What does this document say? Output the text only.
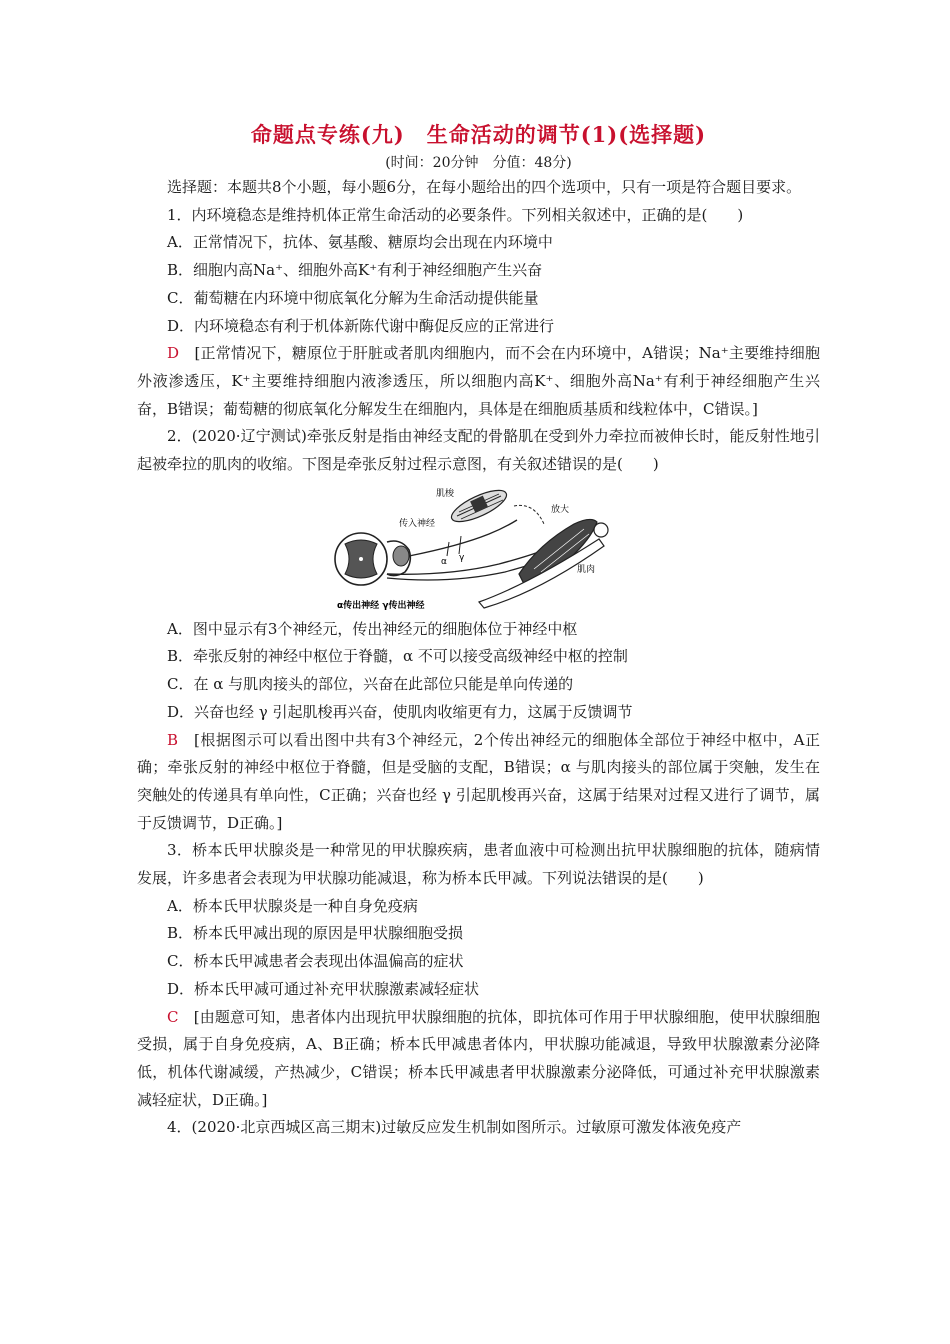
命题点专练(九)　生命活动的调节(1)(选择题)
(时间：20分钟　分值：48分)

选择题：本题共8个小题，每小题6分，在每小题给出的四个选项中，只有一项是符合题目要求。

1．内环境稳态是维持机体正常生命活动的必要条件。下列相关叙述中，正确的是(　　)

A．正常情况下，抗体、氨基酸、糖原均会出现在内环境中

B．细胞内高Na⁺、细胞外高K⁺有利于神经细胞产生兴奋

C．葡萄糖在内环境中彻底氧化分解为生命活动提供能量

D．内环境稳态有利于机体新陈代谢中酶促反应的正常进行

D　 [正常情况下，糖原位于肝脏或者肌肉细胞内，而不会在内环境中，A错误；Na⁺主要维持细胞外液渗透压，K⁺主要维持细胞内液渗透压，所以细胞内高K⁺、细胞外高Na⁺有利于神经细胞产生兴奋，B错误；葡萄糖的彻底氧化分解发生在细胞内，具体是在细胞质基质和线粒体中，C错误。]

2．(2020·辽宁测试)牵张反射是指由神经支配的骨骼肌在受到外力牵拉而被伸长时，能反射性地引起被牵拉的肌肉的收缩。下图是牵张反射过程示意图，有关叙述错误的是(　　)

肌梭
传入神经
放大
肌肉
α γ
α传出神经 γ传出神经

A．图中显示有3个神经元，传出神经元的细胞体位于神经中枢

B．牵张反射的神经中枢位于脊髓，α 不可以接受高级神经中枢的控制

C．在 α 与肌肉接头的部位，兴奋在此部位只能是单向传递的

D．兴奋也经 γ 引起肌梭再兴奋，使肌肉收缩更有力，这属于反馈调节

B　 [根据图示可以看出图中共有3个神经元，2个传出神经元的细胞体全部位于神经中枢中，A正确；牵张反射的神经中枢位于脊髓，但是受脑的支配，B错误；α 与肌肉接头的部位属于突触，发生在突触处的传递具有单向性，C正确；兴奋也经 γ 引起肌梭再兴奋，这属于结果对过程又进行了调节，属于反馈调节，D正确。]

3．桥本氏甲状腺炎是一种常见的甲状腺疾病，患者血液中可检测出抗甲状腺细胞的抗体，随病情发展，许多患者会表现为甲状腺功能减退，称为桥本氏甲减。下列说法错误的是(　　)

A．桥本氏甲状腺炎是一种自身免疫病

B．桥本氏甲减出现的原因是甲状腺细胞受损

C．桥本氏甲减患者会表现出体温偏高的症状

D．桥本氏甲减可通过补充甲状腺激素减轻症状

C　 [由题意可知，患者体内出现抗甲状腺细胞的抗体，即抗体可作用于甲状腺细胞，使甲状腺细胞受损，属于自身免疫病，A、B正确；桥本氏甲减患者体内，甲状腺功能减退，导致甲状腺激素分泌降低，机体代谢减缓，产热减少，C错误；桥本氏甲减患者甲状腺激素分泌降低，可通过补充甲状腺激素减轻症状，D正确。]

4．(2020·北京西城区高三期末)过敏反应发生机制如图所示。过敏原可激发体液免疫产
